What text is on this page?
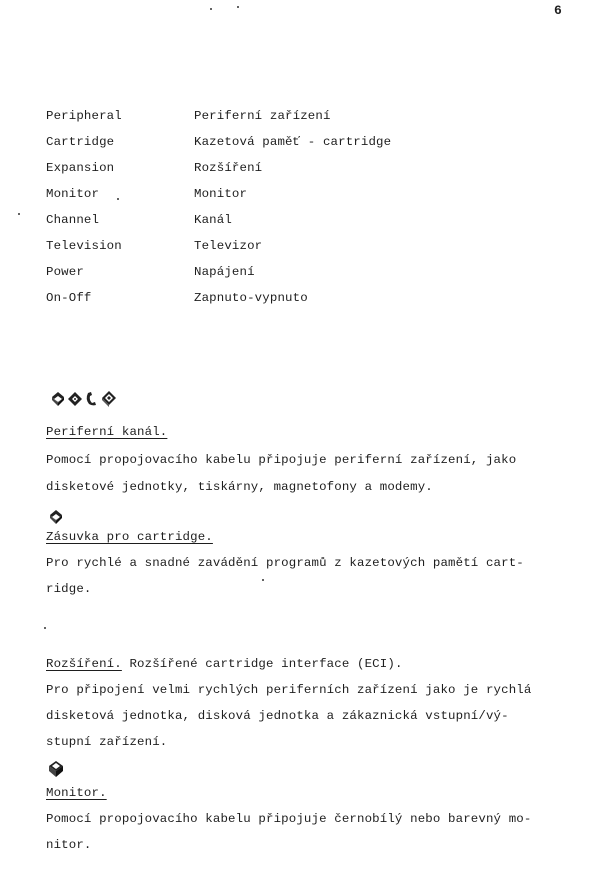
6
Peripheral	Periferní zařízení
Cartridge	Kazetová paměť - cartridge
Expansion	Rozšíření
Monitor	Monitor
Channel	Kanál
Television	Televizor
Power	Napájení
On-Off	Zapnuto-vypnuto
Periferní kanál.
Pomocí propojovacího kabelu připojuje periferní zařízení, jako
disketové jednotky, tiskárny, magnetofony a modemy.
Zásuvka pro cartridge.
Pro rychlé a snadné zavádění programů z kazetových pamětí cart-
ridge.
Rozšíření. Rozšířené cartridge interface (ECI).
Pro připojení velmi rychlých periferních zařízení jako je rychlá
disketová jednotka, disková jednotka a zákaznická vstupní/vý-
stupní zařízení.
Monitor.
Pomocí propojovacího kabelu připojuje černobílý nebo barevný mo-
nitor.
